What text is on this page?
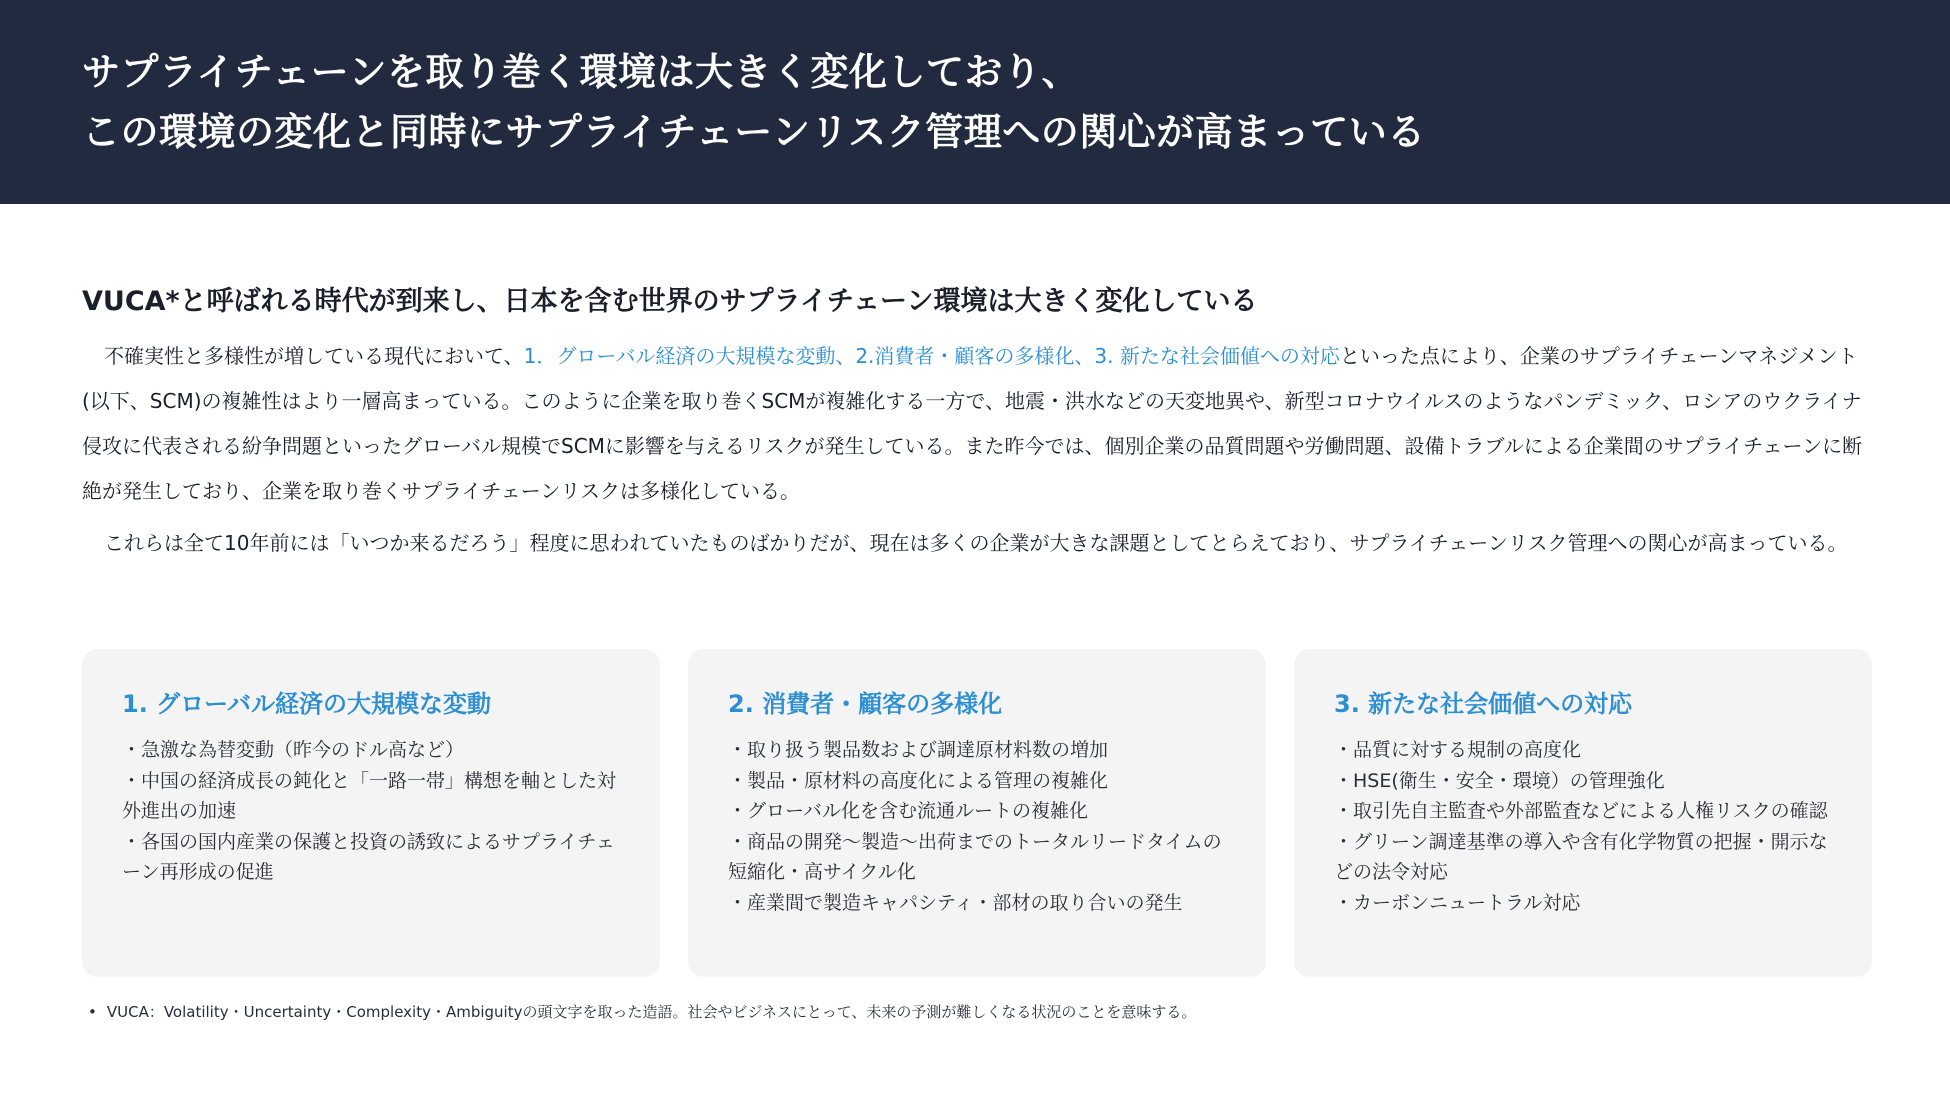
サプライチェーンを取り巻く環境は大きく変化しており、
この環境の変化と同時にサプライチェーンリスク管理への関心が高まっている
VUCA*と呼ばれる時代が到来し、日本を含む世界のサプライチェーン環境は大きく変化している

不確実性と多様性が増している現代において、1．グローバル経済の大規模な変動、2.消費者・顧客の多様化、3. 新たな社会価値への対応といった点により、企業のサプライチェーンマネジメント(以下、SCM)の複雑性はより一層高まっている。このように企業を取り巻くSCMが複雑化する一方で、地震・洪水などの天変地異や、新型コロナウイルスのようなパンデミック、ロシアのウクライナ侵攻に代表される紛争問題といったグローバル規模でSCMに影響を与えるリスクが発生している。また昨今では、個別企業の品質問題や労働問題、設備トラブルによる企業間のサプライチェーンに断絶が発生しており、企業を取り巻くサプライチェーンリスクは多様化している。

これらは全て10年前には「いつか来るだろう」程度に思われていたものばかりだが、現在は多くの企業が大きな課題としてとらえており、サプライチェーンリスク管理への関心が高まっている。

1. グローバル経済の大規模な変動
・急激な為替変動（昨今のドル高など）
・中国の経済成長の鈍化と「一路一帯」構想を軸とした対外進出の加速
・各国の国内産業の保護と投資の誘致によるサプライチェーン再形成の促進
2. 消費者・顧客の多様化
・取り扱う製品数および調達原材料数の増加
・製品・原材料の高度化による管理の複雑化
・グローバル化を含む流通ルートの複雑化
・商品の開発～製造～出荷までのトータルリードタイムの短縮化・高サイクル化
・産業間で製造キャパシティ・部材の取り合いの発生
3. 新たな社会価値への対応
・品質に対する規制の高度化
・HSE(衛生・安全・環境）の管理強化
・取引先自主監査や外部監査などによる人権リスクの確認
・グリーン調達基準の導入や含有化学物質の把握・開示などの法令対応
・カーボンニュートラル対応
• VUCA：Volatility・Uncertainty・Complexity・Ambiguityの頭文字を取った造語。社会やビジネスにとって、未来の予測が難しくなる状況のことを意味する。
